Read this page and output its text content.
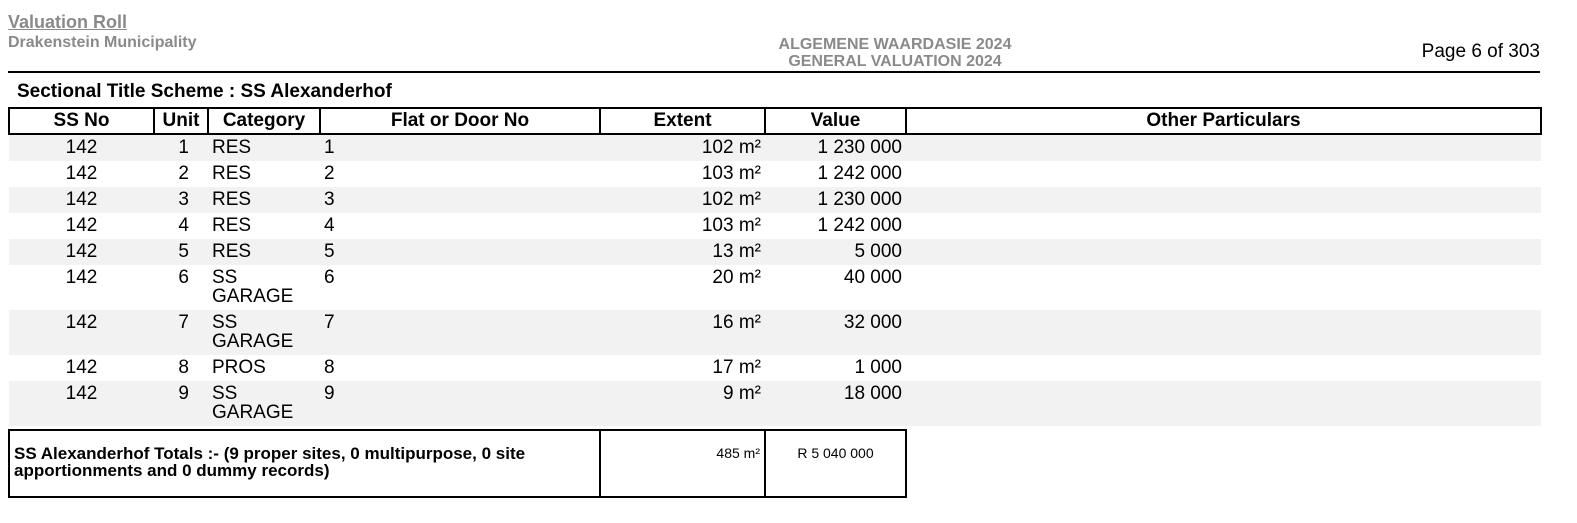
Valuation Roll
Drakenstein Municipality	ALGEMENE WAARDASIE 2024
GENERAL VALUATION 2024	Page 6 of 303
Sectional Title Scheme : SS Alexanderhof
SS No	Unit	Category	Flat or Door No	Extent	Value	Other Particulars
142	1	RES	1	102 m²	1 230 000	
142	2	RES	2	103 m²	1 242 000	
142	3	RES	3	102 m²	1 230 000	
142	4	RES	4	103 m²	1 242 000	
142	5	RES	5	13 m²	5 000	
142	6	SS GARAGE	6	20 m²	40 000	
142	7	SS GARAGE	7	16 m²	32 000	
142	8	PROS	8	17 m²	1 000	
142	9	SS GARAGE	9	9 m²	18 000	
SS Alexanderhof Totals :- (9 proper sites, 0 multipurpose, 0 site apportionments and 0 dummy records)	485 m²	R 5 040 000
